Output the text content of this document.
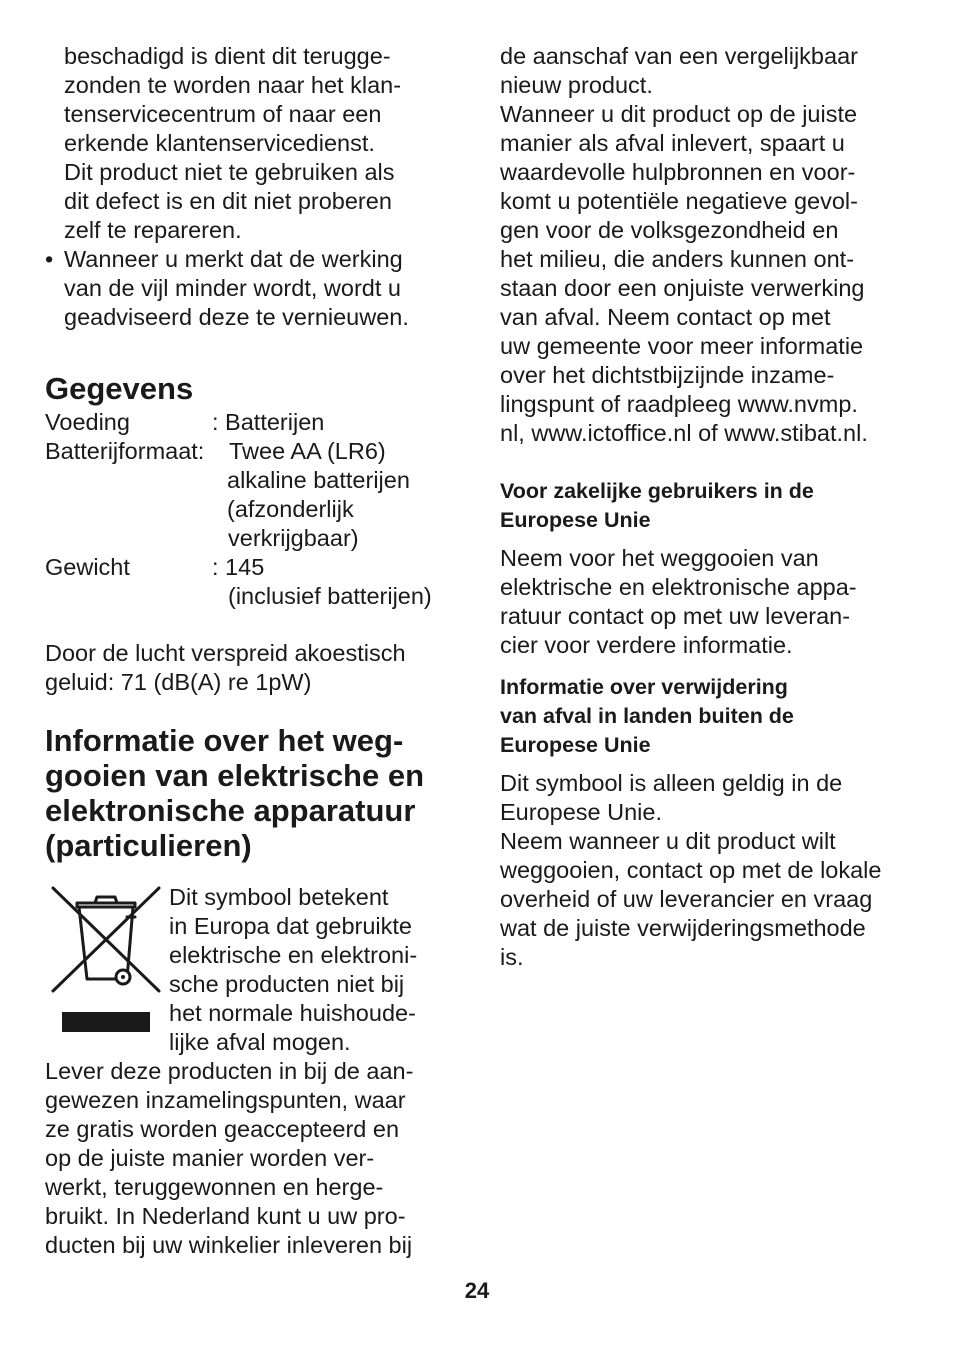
beschadigd is dient dit terugge-
zonden te worden naar het klan-
tenservicecentrum of naar een
erkende klantenservicedienst.
Dit product niet te gebruiken als
dit defect is en dit niet proberen
zelf te repareren.
• Wanneer u merkt dat de werking
van de vijl minder wordt, wordt u
geadviseerd deze te vernieuwen.
Gegevens
Voeding	: Batterijen
Batterijformaat: Twee AA (LR6)
alkaline batterijen
(afzonderlijk
verkrijgbaar)
Gewicht	: 145
(inclusief batterijen)
Door de lucht verspreid akoestisch
geluid: 71 (dB(A) re 1pW)
Informatie over het weg-
gooien van elektrische en
elektronische apparatuur
(particulieren)
Dit symbool betekent
in Europa dat gebruikte
elektrische en elektroni-
sche producten niet bij
het normale huishoude-
lijke afval mogen.
Lever deze producten in bij de aan-
gewezen inzamelingspunten, waar
ze gratis worden geaccepteerd en
op de juiste manier worden ver-
werkt, teruggewonnen en herge-
bruikt. In Nederland kunt u uw pro-
ducten bij uw winkelier inleveren bij
de aanschaf van een vergelijkbaar
nieuw product.
Wanneer u dit product op de juiste
manier als afval inlevert, spaart u
waardevolle hulpbronnen en voor-
komt u potentiële negatieve gevol-
gen voor de volksgezondheid en
het milieu, die anders kunnen ont-
staan door een onjuiste verwerking
van afval. Neem contact op met
uw gemeente voor meer informatie
over het dichtstbijzijnde inzame-
lingspunt of raadpleeg www.nvmp.
nl, www.ictoffice.nl of www.stibat.nl.
Voor zakelijke gebruikers in de
Europese Unie
Neem voor het weggooien van
elektrische en elektronische appa-
ratuur contact op met uw leveran-
cier voor verdere informatie.
Informatie over verwijdering
van afval in landen buiten de
Europese Unie
Dit symbool is alleen geldig in de
Europese Unie.
Neem wanneer u dit product wilt
weggooien, contact op met de lokale
overheid of uw leverancier en vraag
wat de juiste verwijderingsmethode
is.
24
